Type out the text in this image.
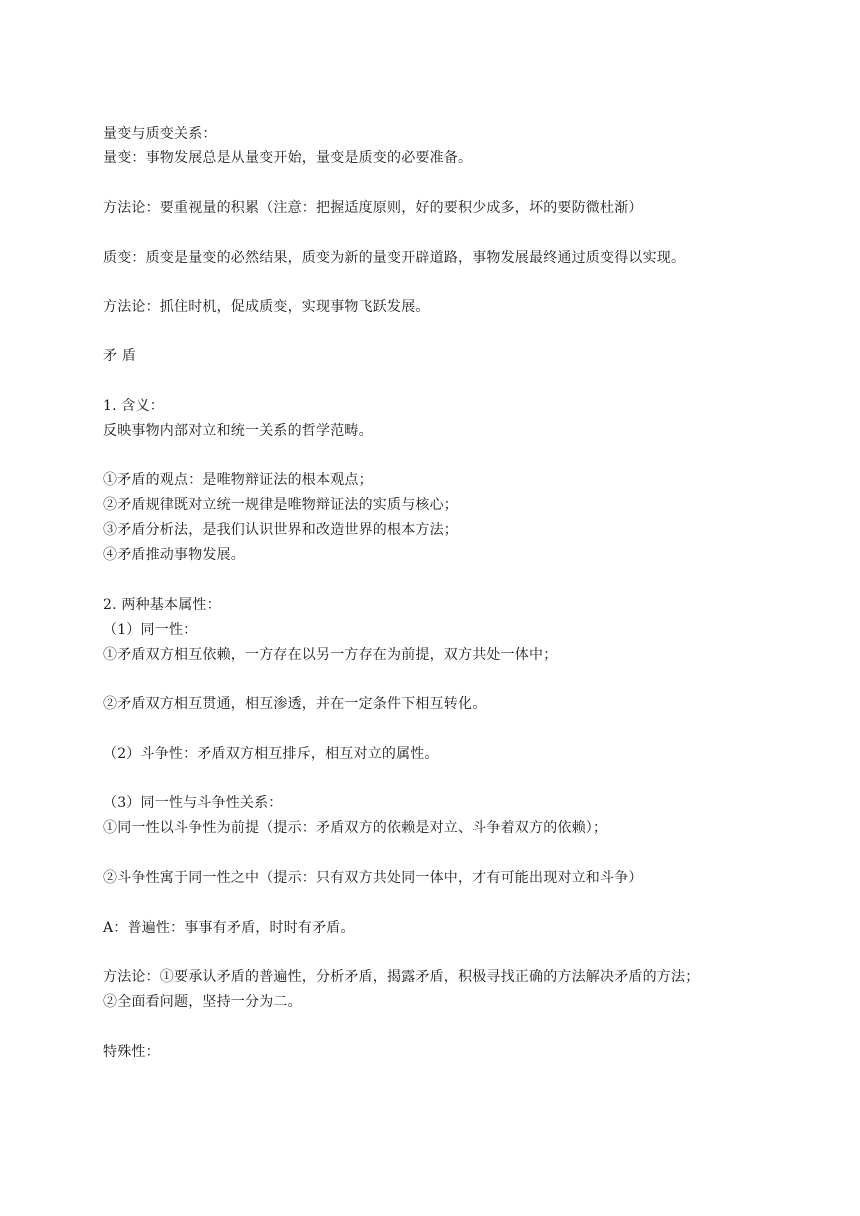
量变与质变关系：
量变：事物发展总是从量变开始，量变是质变的必要准备。
方法论：要重视量的积累（注意：把握适度原则，好的要积少成多，坏的要防微杜渐）
质变：质变是量变的必然结果，质变为新的量变开辟道路，事物发展最终通过质变得以实现。
方法论：抓住时机，促成质变，实现事物飞跃发展。
矛 盾
1. 含义：
反映事物内部对立和统一关系的哲学范畴。
①矛盾的观点：是唯物辩证法的根本观点；
②矛盾规律既对立统一规律是唯物辩证法的实质与核心；
③矛盾分析法，是我们认识世界和改造世界的根本方法；
④矛盾推动事物发展。
2. 两种基本属性：
（1）同一性：
①矛盾双方相互依赖，一方存在以另一方存在为前提，双方共处一体中；
②矛盾双方相互贯通，相互渗透，并在一定条件下相互转化。
（2）斗争性：矛盾双方相互排斥，相互对立的属性。
（3）同一性与斗争性关系：
①同一性以斗争性为前提（提示：矛盾双方的依赖是对立、斗争着双方的依赖）；
②斗争性寓于同一性之中（提示：只有双方共处同一体中，才有可能出现对立和斗争）
A：普遍性：事事有矛盾，时时有矛盾。
方法论：①要承认矛盾的普遍性，分析矛盾，揭露矛盾，积极寻找正确的方法解决矛盾的方法；
②全面看问题，坚持一分为二。
特殊性：
